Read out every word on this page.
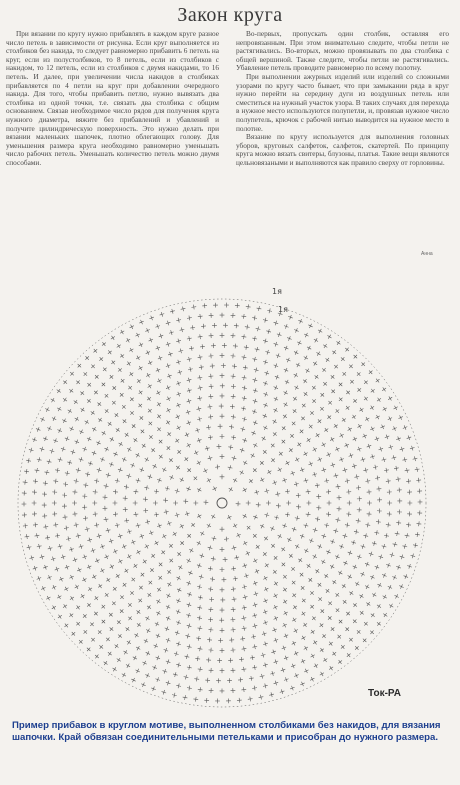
Закон круга

При вязании по кругу нужно прибавлять в каждом круге разное число петель в зависимости от рисунка. Если круг выполняется из столбиков без накида, то следует равномерно прибавить 6 петель на круг, если из полустолбиков, то 8 петель, если из столбиков с накидом, то 12 петель, если из столбиков с двумя накидами, то 16 петель. И далее, при увеличении числа накидов в столбиках прибавляется по 4 петли на круг при добавлении очередного накида. Для того, чтобы прибавить петлю, нужно вывязать два столбика из одной точки, т.е. связать два столбика с общим основанием. Связав необходимое число рядов для получения круга нужного диаметра, вяжите без прибавлений и убавлений и получите цилиндрическую поверхность. Это нужно делать при вязании маленьких шапочек, плотно облегающих голову. Для уменьшения размера круга необходимо равномерно уменьшать число рабочих петель. Уменьшать количество петель можно двумя способами.

Во-первых, пропускать один столбик, оставляя его непровязанным. При этом внимательно следите, чтобы петли не растягивались. Во-вторых, можно провязывать по два столбика с общей вершиной. Также следите, чтобы петли не растягивались. Убавление петель проводите равномерно по всему полотну.

При выполнении ажурных изделий или изделий со сложными узорами по кругу часто бывает, что при замыкании ряда в круг нужно перейти на середину дуги из воздушных петель или сместиться на нужный участок узора. В таких случаях для перехода в нужное место используются полупетли, и, провязав нужное число полупетель, крючок с рабочей нитью выводится на нужное место в полотне.

Вязание по кругу используется для выполнения головных уборов, круговых салфеток, салфеток, скатертей. По принципу круга можно вязать свитеры, блузоны, платья. Такие вещи являются цельновязаными и выполняются как правило сверху от горловины.

Анна
1я
1я
Ток-РА
Пример прибавок в круглом мотиве, выполненном столбиками без накидов, для вязания шапочки. Край обвязан соединительными петельками и присобран до нужного размера.
